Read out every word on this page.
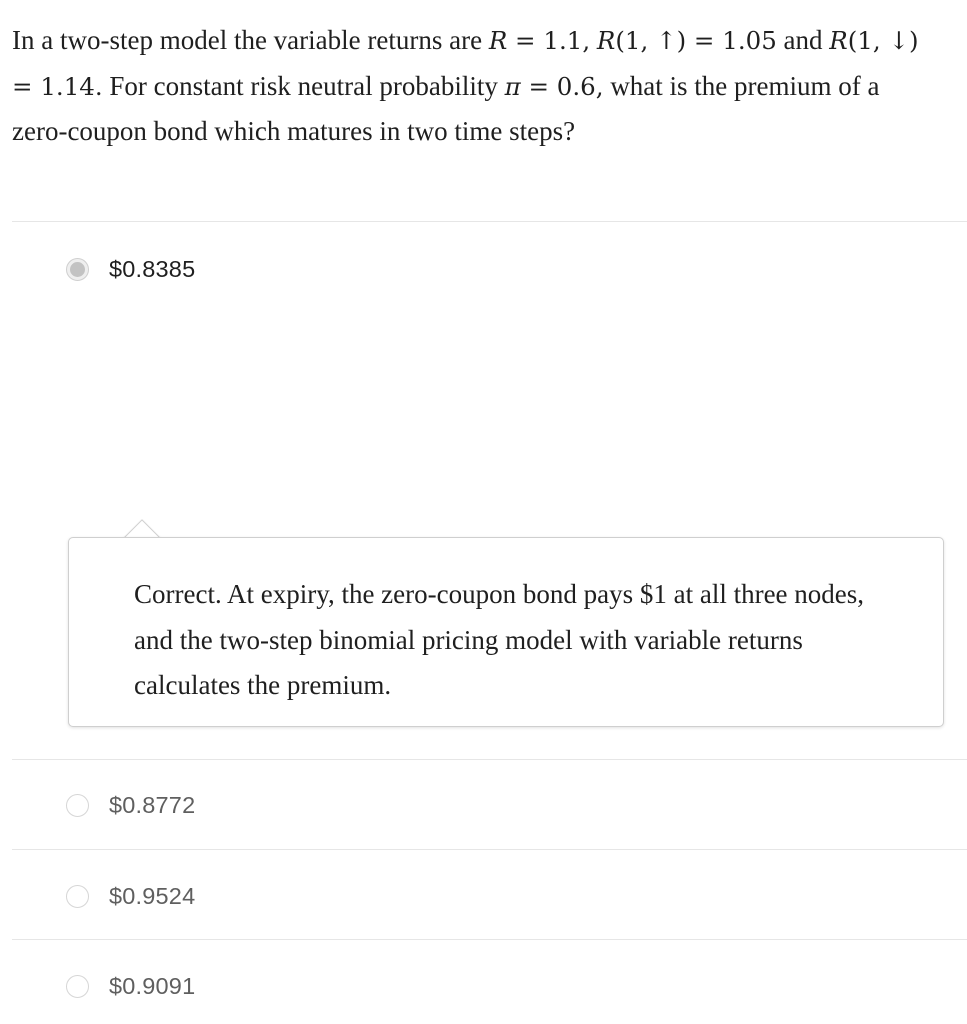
In a two-step model the variable returns are R = 1.1, R(1, ↑) = 1.05 and R(1, ↓) = 1.14. For constant risk neutral probability π = 0.6, what is the premium of a zero-coupon bond which matures in two time steps?
$0.8385
Correct. At expiry, the zero-coupon bond pays $1 at all three nodes, and the two-step binomial pricing model with variable returns calculates the premium.
$0.8772
$0.9524
$0.9091
